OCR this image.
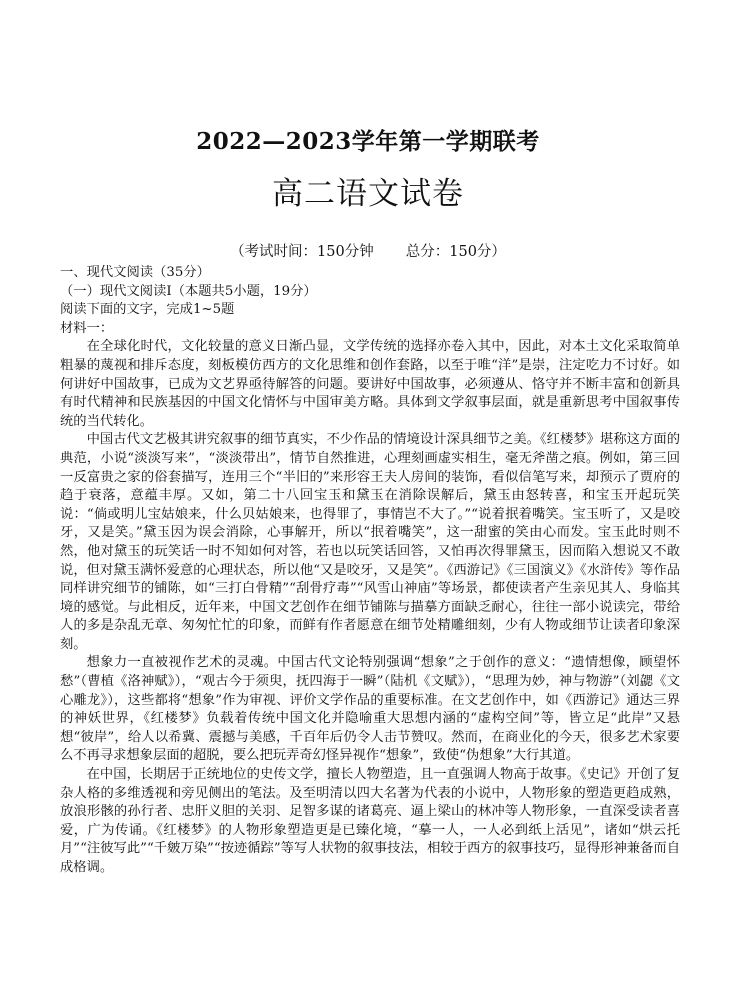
2022—2023学年第一学期联考
高二语文试卷
（考试时间：150分钟 总分：150分）

一、现代文阅读（35分）

（一）现代文阅读Ⅰ（本题共5小题，19分）

阅读下面的文字，完成1~5题

材料一：

在全球化时代，文化较量的意义日渐凸显，文学传统的选择亦卷入其中，因此，对本土文化采取简单粗暴的蔑视和排斥态度，刻板模仿西方的文化思维和创作套路，以至于唯“洋”是崇，注定吃力不讨好。如何讲好中国故事，已成为文艺界亟待解答的问题。要讲好中国故事，必须遵从、恪守并不断丰富和创新具有时代精神和民族基因的中国文化情怀与中国审美方略。具体到文学叙事层面，就是重新思考中国叙事传统的当代转化。

中国古代文艺极其讲究叙事的细节真实，不少作品的情境设计深具细节之美。《红楼梦》堪称这方面的典范，小说“淡淡写来”，“淡淡带出”，情节自然推进，心理刻画虚实相生，毫无斧凿之痕。例如，第三回一反富贵之家的俗套描写，连用三个“半旧的”来形容王夫人房间的装饰，看似信笔写来，却预示了贾府的趋于衰落，意蕴丰厚。又如，第二十八回宝玉和黛玉在消除误解后，黛玉由怒转喜，和宝玉开起玩笑说：“倘或明儿宝姑娘来，什么贝姑娘来，也得罪了，事情岂不大了。”“说着抿着嘴笑。宝玉听了，又是咬牙，又是笑。”黛玉因为误会消除，心事解开，所以“抿着嘴笑”，这一甜蜜的笑由心而发。宝玉此时则不然，他对黛玉的玩笑话一时不知如何对答，若也以玩笑话回答，又怕再次得罪黛玉，因而陷入想说又不敢说，但对黛玉满怀爱意的心理状态，所以他“又是咬牙，又是笑”。《西游记》《三国演义》《水浒传》等作品同样讲究细节的铺陈，如“三打白骨精”“刮骨疗毒”“风雪山神庙”等场景，都使读者产生亲见其人、身临其境的感觉。与此相反，近年来，中国文艺创作在细节铺陈与描摹方面缺乏耐心，往往一部小说读完，带给人的多是杂乱无章、匆匆忙忙的印象，而鲜有作者愿意在细节处精雕细刻，少有人物或细节让读者印象深刻。

想象力一直被视作艺术的灵魂。中国古代文论特别强调“想象”之于创作的意义：“遗情想像，顾望怀愁”（曹植《洛神赋》），“观古今于须臾，抚四海于一瞬”（陆机《文赋》），“思理为妙，神与物游”（刘勰《文心雕龙》），这些都将“想象”作为审视、评价文学作品的重要标准。在文艺创作中，如《西游记》通达三界的神妖世界，《红楼梦》负载着传统中国文化并隐喻重大思想内涵的“虚构空间”等，皆立足“此岸”又悬想“彼岸”，给人以希冀、震撼与美感，千百年后仍令人击节赞叹。然而，在商业化的今天，很多艺术家要么不再寻求想象层面的超脱，要么把玩弄奇幻怪异视作“想象”，致使“伪想象”大行其道。

在中国，长期居于正统地位的史传文学，擅长人物塑造，且一直强调人物高于故事。《史记》开创了复杂人格的多维透视和旁见侧出的笔法。及至明清以四大名著为代表的小说中，人物形象的塑造更趋成熟，放浪形骸的孙行者、忠肝义胆的关羽、足智多谋的诸葛亮、逼上梁山的林冲等人物形象，一直深受读者喜爱，广为传诵。《红楼梦》的人物形象塑造更是已臻化境，“摹一人，一人必到纸上活见”，诸如“烘云托月”“注彼写此”“千皴万染”“按迹循踪”等写人状物的叙事技法，相较于西方的叙事技巧，显得形神兼备而自成格调。
